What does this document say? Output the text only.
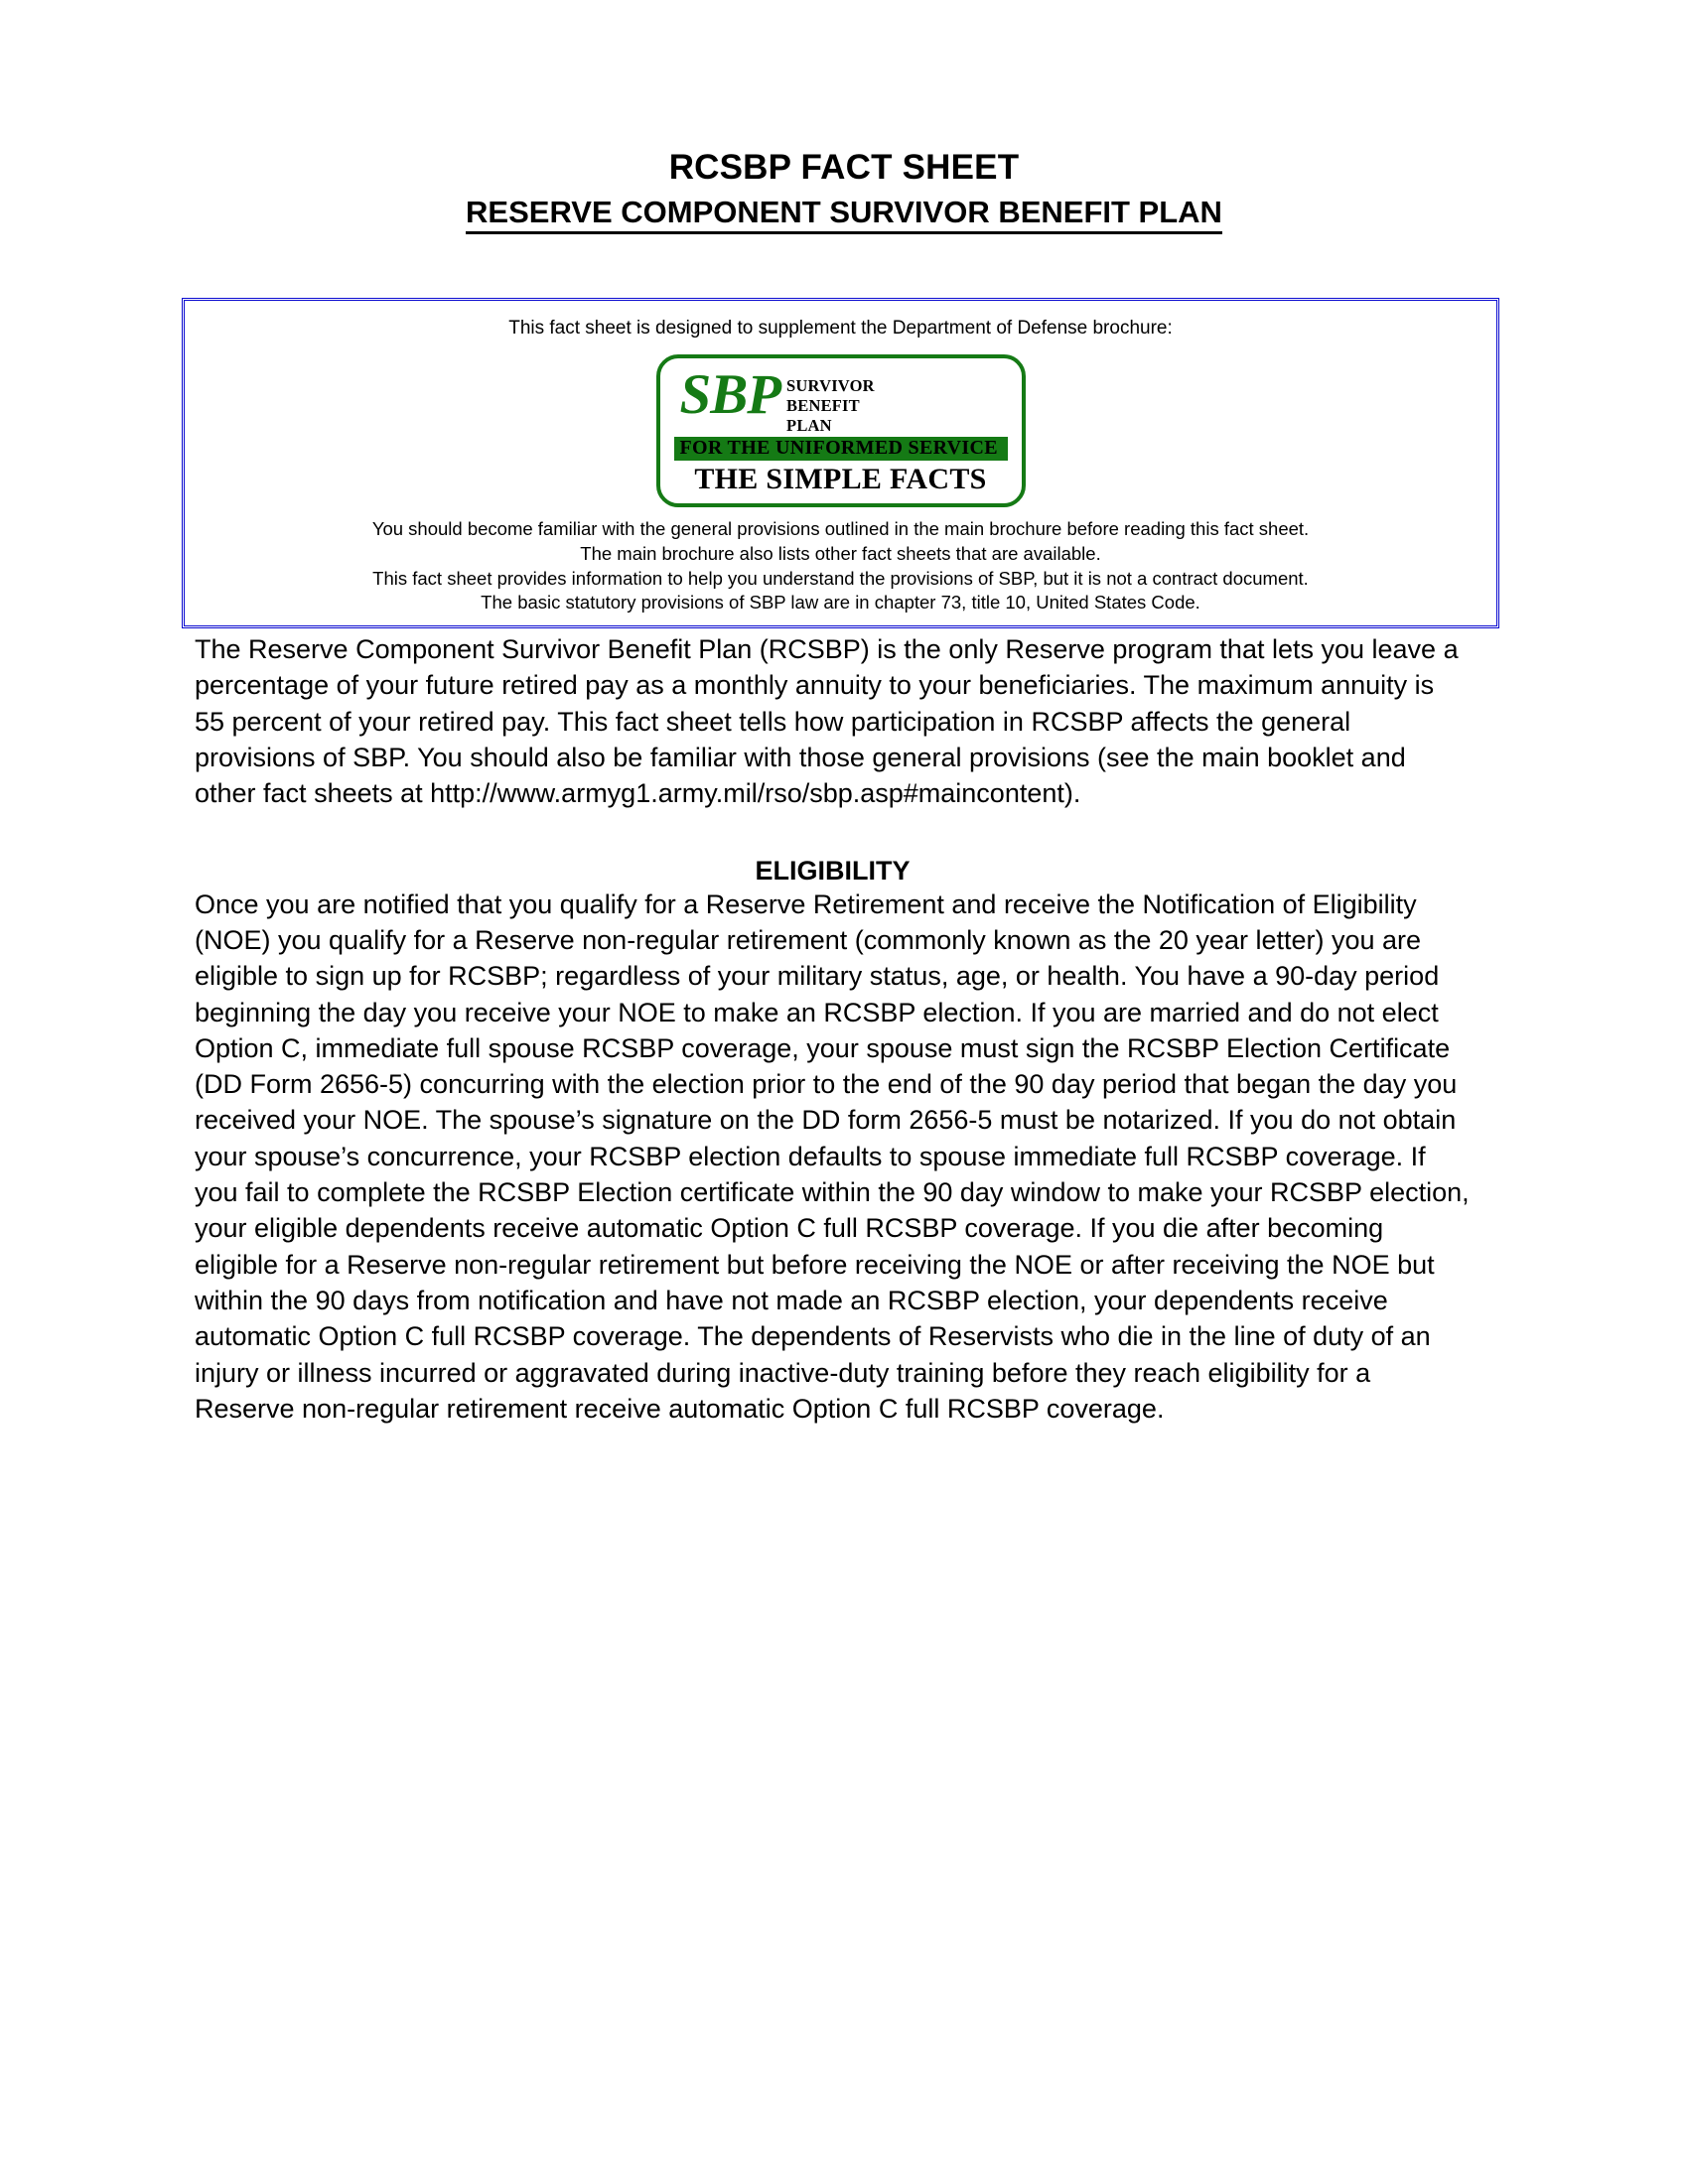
RCSBP FACT SHEET
RESERVE COMPONENT SURVIVOR BENEFIT PLAN
This fact sheet is designed to supplement the Department of Defense brochure:
SBP SURVIVOR
BENEFIT
PLAN
FOR THE UNIFORMED SERVICE
THE SIMPLE FACTS
You should become familiar with the general provisions outlined in the main brochure before reading this fact sheet.
The main brochure also lists other fact sheets that are available.
This fact sheet provides information to help you understand the provisions of SBP, but it is not a contract document.
The basic statutory provisions of SBP law are in chapter 73, title 10, United States Code.

The Reserve Component Survivor Benefit Plan (RCSBP) is the only Reserve program that lets you leave a percentage of your future retired pay as a monthly annuity to your beneficiaries. The maximum annuity is 55 percent of your retired pay. This fact sheet tells how participation in RCSBP affects the general provisions of SBP. You should also be familiar with those general provisions (see the main booklet and other fact sheets at http://www.armyg1.army.mil/rso/sbp.asp#maincontent).

ELIGIBILITY

Once you are notified that you qualify for a Reserve Retirement and receive the Notification of Eligibility (NOE) you qualify for a Reserve non-regular retirement (commonly known as the 20 year letter) you are eligible to sign up for RCSBP; regardless of your military status, age, or health. You have a 90-day period beginning the day you receive your NOE to make an RCSBP election. If you are married and do not elect Option C, immediate full spouse RCSBP coverage, your spouse must sign the RCSBP Election Certificate (DD Form 2656-5) concurring with the election prior to the end of the 90 day period that began the day you received your NOE. The spouse’s signature on the DD form 2656-5 must be notarized. If you do not obtain your spouse’s concurrence, your RCSBP election defaults to spouse immediate full RCSBP coverage. If you fail to complete the RCSBP Election certificate within the 90 day window to make your RCSBP election, your eligible dependents receive automatic Option C full RCSBP coverage. If you die after becoming eligible for a Reserve non-regular retirement but before receiving the NOE or after receiving the NOE but within the 90 days from notification and have not made an RCSBP election, your dependents receive automatic Option C full RCSBP coverage. The dependents of Reservists who die in the line of duty of an injury or illness incurred or aggravated during inactive-duty training before they reach eligibility for a Reserve non-regular retirement receive automatic Option C full RCSBP coverage.
